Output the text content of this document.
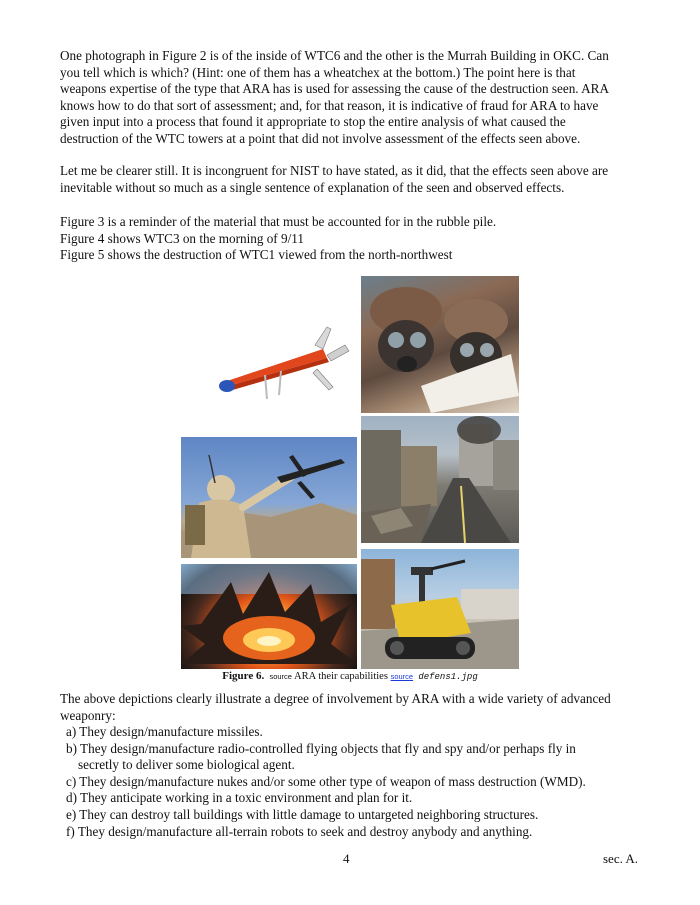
One photograph in Figure 2 is of the inside of WTC6 and the other is the Murrah Building in OKC. Can
you tell which is which? (Hint: one of them has a wheatchex at the bottom.) The point here is that
weapons expertise of the type that ARA has is used for assessing the cause of the destruction seen. ARA
knows how to do that sort of assessment; and, for that reason, it is indicative of fraud for ARA to have
given input into a process that found it appropriate to stop the entire analysis of what caused the
destruction of the WTC towers at a point that did not involve assessment of the effects seen above.
Let me be clearer still. It is incongruent for NIST to have stated, as it did, that the effects seen above are
inevitable without so much as a single sentence of explanation of the seen and observed effects.
Figure 3 is a reminder of the material that must be accounted for in the rubble pile.
Figure 4 shows WTC3 on the morning of 9/11
Figure 5 shows the destruction of WTC1 viewed from the north-northwest
Figure 6. source ARA their capabilities source defens1.jpg
The above depictions clearly illustrate a degree of involvement by ARA with a wide variety of advanced
weaponry:
a) They design/manufacture missiles.
b) They design/manufacture radio-controlled flying objects that fly and spy and/or perhaps fly in
secretly to deliver some biological agent.
c) They design/manufacture nukes and/or some other type of weapon of mass destruction (WMD).
d) They anticipate working in a toxic environment and plan for it.
e) They can destroy tall buildings with little damage to untargeted neighboring structures.
f) They design/manufacture all-terrain robots to seek and destroy anybody and anything.
4	sec. A.
